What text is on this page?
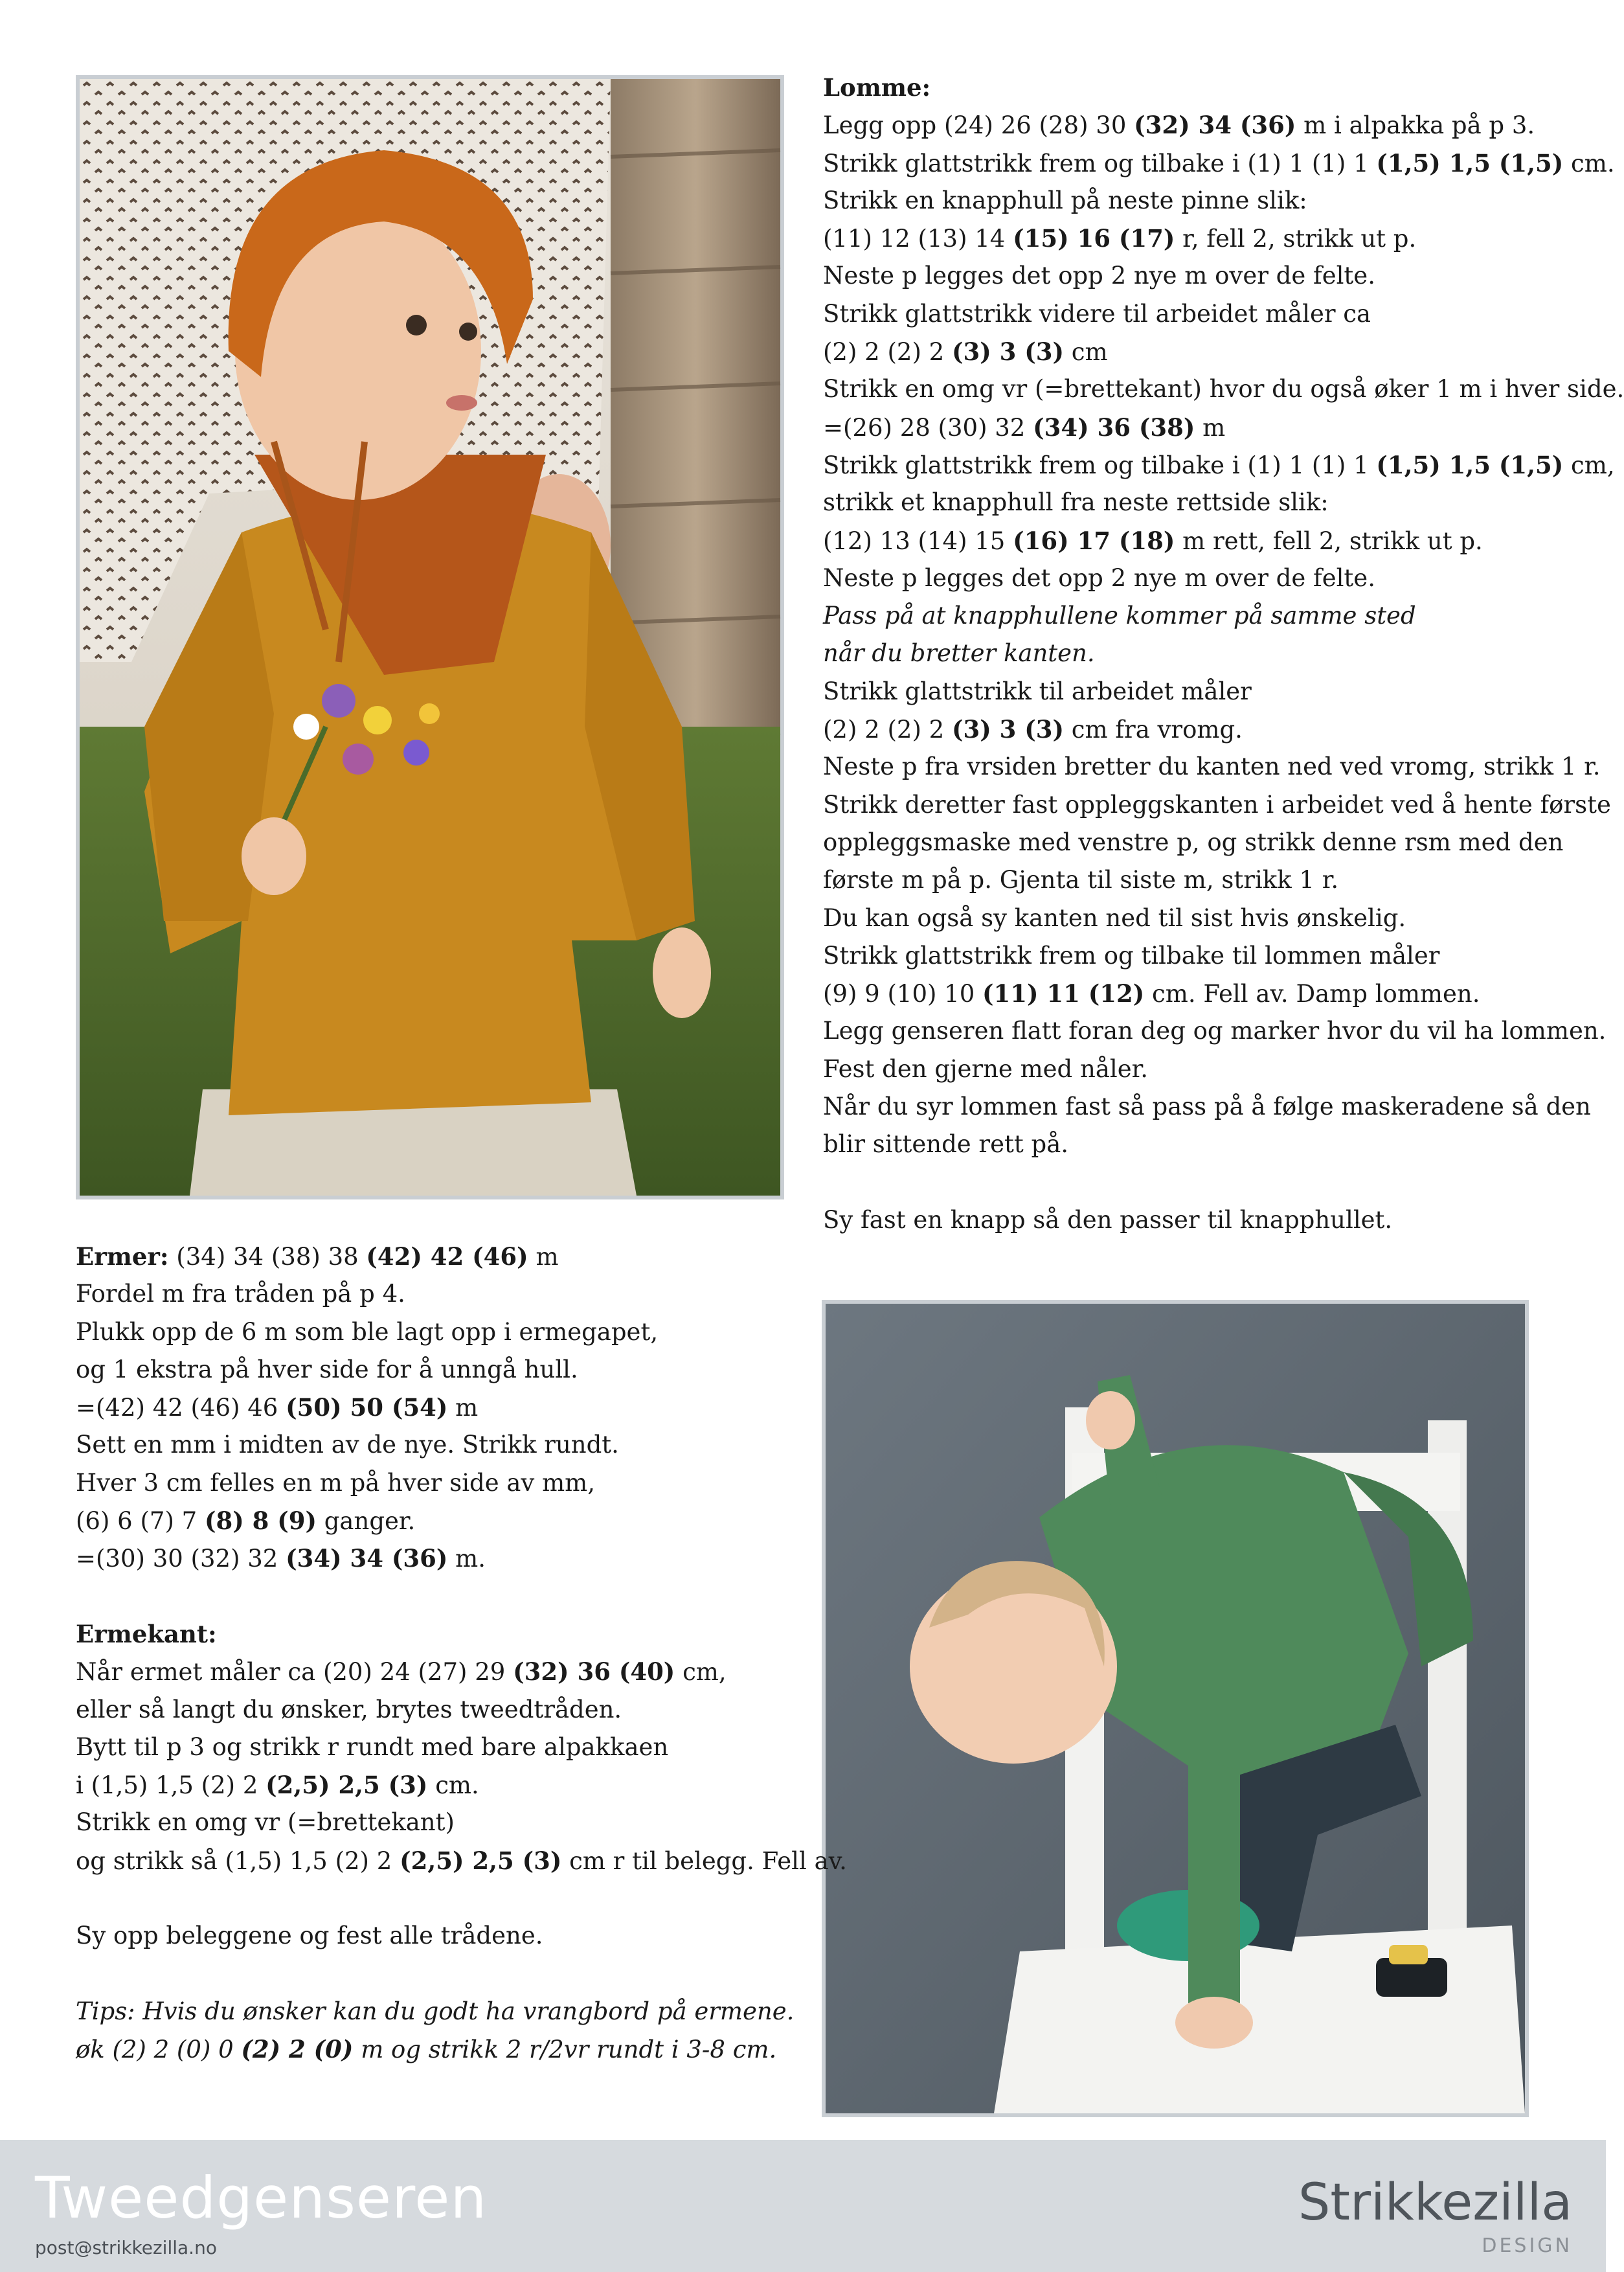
Lomme:
Legg opp (24) 26 (28) 30 (32) 34 (36) m i alpakka på p 3.
Strikk glattstrikk frem og tilbake i (1) 1 (1) 1 (1,5) 1,5 (1,5) cm.
Strikk en knapphull på neste pinne slik:
(11) 12 (13) 14 (15) 16 (17) r, fell 2, strikk ut p.
Neste p legges det opp 2 nye m over de felte.
Strikk glattstrikk videre til arbeidet måler ca
(2) 2 (2) 2 (3) 3 (3) cm
Strikk en omg vr (=brettekant) hvor du også øker 1 m i hver side.
=(26) 28 (30) 32 (34) 36 (38) m
Strikk glattstrikk frem og tilbake i (1) 1 (1) 1 (1,5) 1,5 (1,5) cm,
strikk et knapphull fra neste rettside slik:
(12) 13 (14) 15 (16) 17 (18) m rett, fell 2, strikk ut p.
Neste p legges det opp 2 nye m over de felte.
Pass på at knapphullene kommer på samme sted
når du bretter kanten.
Strikk glattstrikk til arbeidet måler
(2) 2 (2) 2 (3) 3 (3) cm fra vromg.
Neste p fra vrsiden bretter du kanten ned ved vromg, strikk 1 r.
Strikk deretter fast oppleggskanten i arbeidet ved å hente første
oppleggsmaske med venstre p, og strikk denne rsm med den
første m på p. Gjenta til siste m, strikk 1 r.
Du kan også sy kanten ned til sist hvis ønskelig.
Strikk glattstrikk frem og tilbake til lommen måler
(9) 9 (10) 10 (11) 11 (12) cm. Fell av. Damp lommen.
Legg genseren flatt foran deg og marker hvor du vil ha lommen.
Fest den gjerne med nåler.
Når du syr lommen fast så pass på å følge maskeradene så den
blir sittende rett på.
Sy fast en knapp så den passer til knapphullet.
Ermer: (34) 34 (38) 38 (42) 42 (46) m
Fordel m fra tråden på p 4.
Plukk opp de 6 m som ble lagt opp i ermegapet,
og 1 ekstra på hver side for å unngå hull.
=(42) 42 (46) 46 (50) 50 (54) m
Sett en mm i midten av de nye. Strikk rundt.
Hver 3 cm felles en m på hver side av mm,
(6) 6 (7) 7 (8) 8 (9) ganger.
=(30) 30 (32) 32 (34) 34 (36) m.
Ermekant:
Når ermet måler ca (20) 24 (27) 29 (32) 36 (40) cm,
eller så langt du ønsker, brytes tweedtråden.
Bytt til p 3 og strikk r rundt med bare alpakkaen
i (1,5) 1,5 (2) 2 (2,5) 2,5 (3) cm.
Strikk en omg vr (=brettekant)
og strikk så (1,5) 1,5 (2) 2 (2,5) 2,5 (3) cm r til belegg. Fell av.
Sy opp beleggene og fest alle trådene.
Tips: Hvis du ønsker kan du godt ha vrangbord på ermene.
øk (2) 2 (0) 0 (2) 2 (0) m og strikk 2 r/2vr rundt i 3-8 cm.
Tweedgenseren
post@strikkezilla.no
Strikkezilla
DESIGN
